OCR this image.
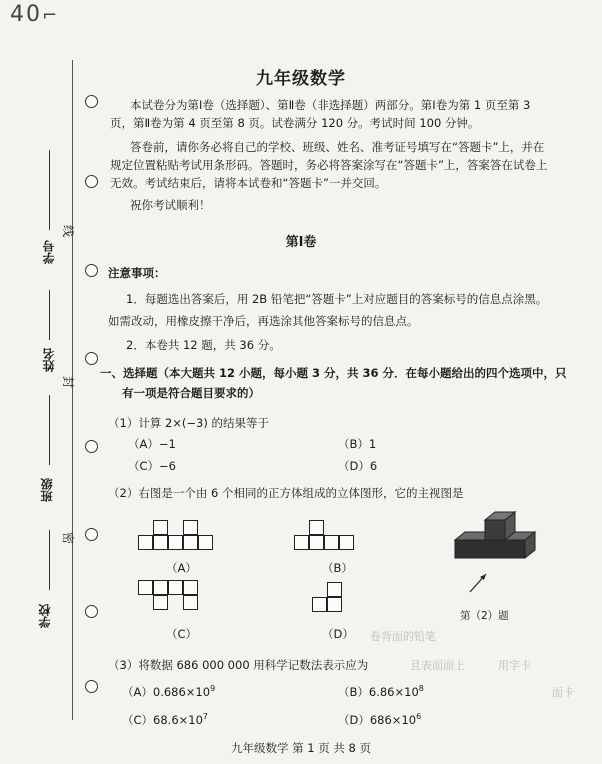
40⌐
学号
姓名
班级
学校
线
封
密
九年级数学
本试卷分为第Ⅰ卷（选择题）、第Ⅱ卷（非选择题）两部分。第Ⅰ卷为第 1 页至第 3
页，第Ⅱ卷为第 4 页至第 8 页。试卷满分 120 分。考试时间 100 分钟。
答卷前，请你务必将自己的学校、班级、姓名、准考证号填写在“答题卡”上，并在
规定位置粘贴考试用条形码。答题时，务必将答案涂写在“答题卡”上，答案答在试卷上
无效。考试结束后，请将本试卷和“答题卡”一并交回。
祝你考试顺利！
第Ⅰ卷
注意事项：
1．每题选出答案后，用 2B 铅笔把“答题卡”上对应题目的答案标号的信息点涂黑。
如需改动，用橡皮擦干净后，再选涂其他答案标号的信息点。
2．本卷共 12 题，共 36 分。
一、选择题（本大题共 12 小题，每小题 3 分，共 36 分．在每小题给出的四个选项中，只
有一项是符合题目要求的）
（1）计算 2×(−3) 的结果等于
（A）−1	（B）1
（C）−6	（D）6
（2）右图是一个由 6 个相同的正方体组成的立体图形，它的主视图是
（A）	（B）
（C）	（D）
第（2）题
卷背面的铅笔
且表面面上	用字卡
面卡
（3）将数据 686 000 000 用科学记数法表示应为
$(A)0.686\times 10^9$	$(B)6.86\times 10^8$
$(C)68.6\times 10^7$	$(D)686\times 10^6$
九年级数学 第 1 页 共 8 页
